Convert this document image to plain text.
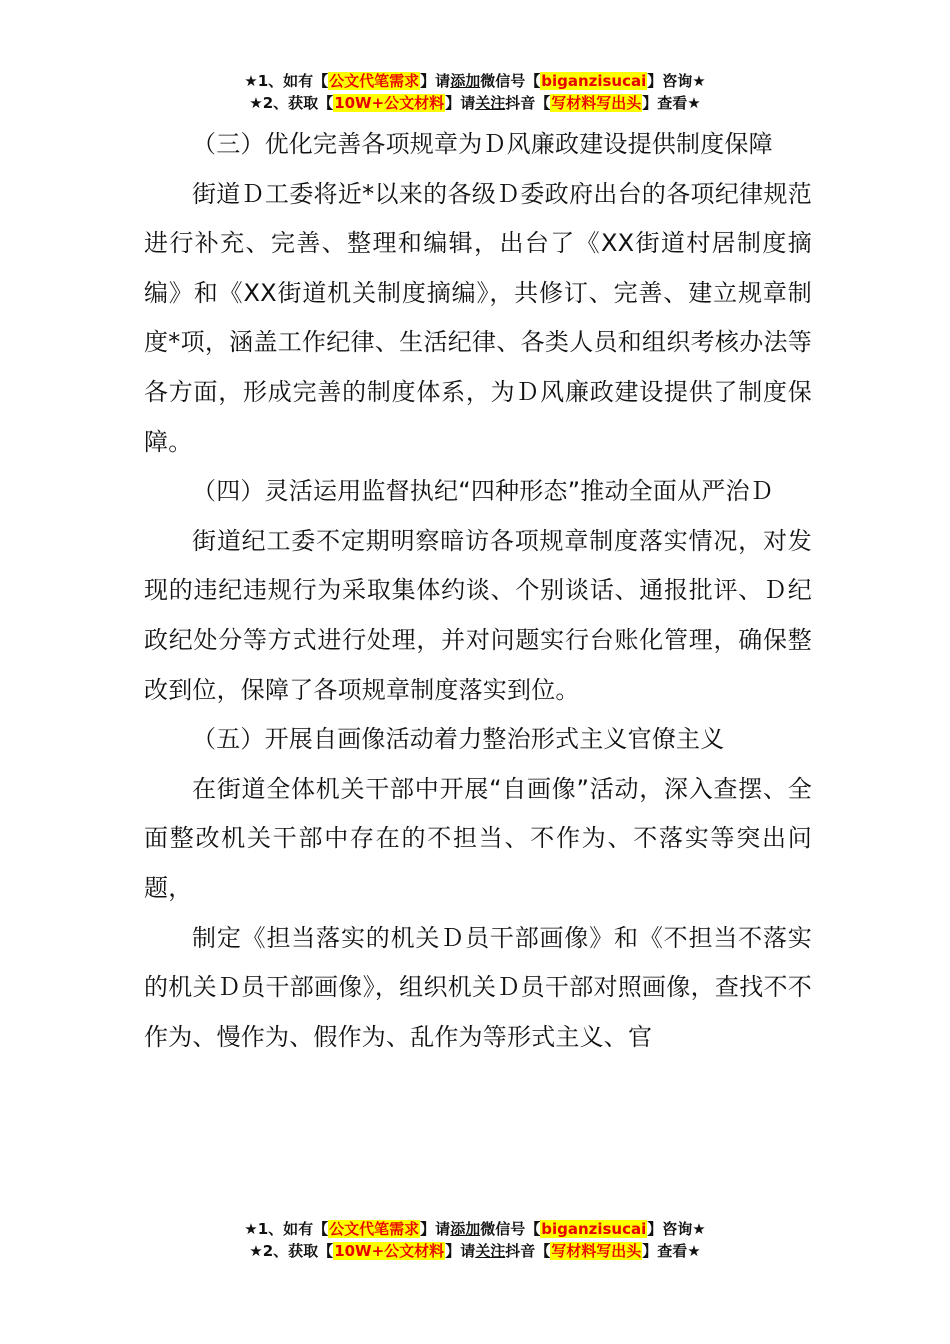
★1、如有【公文代笔需求】请添加微信号【biganzisucai】咨询★
★2、获取【10W+公文材料】请关注抖音【写材料写出头】查看★

（三）优化完善各项规章为Ｄ风廉政建设提供制度保障

街道Ｄ工委将近*以来的各级Ｄ委政府出台的各项纪律规范进行补充、完善、整理和编辑，出台了《XX街道村居制度摘编》和《XX街道机关制度摘编》，共修订、完善、建立规章制度*项，涵盖工作纪律、生活纪律、各类人员和组织考核办法等各方面，形成完善的制度体系，为Ｄ风廉政建设提供了制度保障。

（四）灵活运用监督执纪“四种形态”推动全面从严治Ｄ

街道纪工委不定期明察暗访各项规章制度落实情况，对发现的违纪违规行为采取集体约谈、个别谈话、通报批评、Ｄ纪政纪处分等方式进行处理，并对问题实行台账化管理，确保整改到位，保障了各项规章制度落实到位。

（五）开展自画像活动着力整治形式主义官僚主义

在街道全体机关干部中开展“自画像”活动，深入查摆、全面整改机关干部中存在的不担当、不作为、不落实等突出问题，

制定《担当落实的机关Ｄ员干部画像》和《不担当不落实的机关Ｄ员干部画像》，组织机关Ｄ员干部对照画像，查找不不作为、慢作为、假作为、乱作为等形式主义、官

★1、如有【公文代笔需求】请添加微信号【biganzisucai】咨询★
★2、获取【10W+公文材料】请关注抖音【写材料写出头】查看★
